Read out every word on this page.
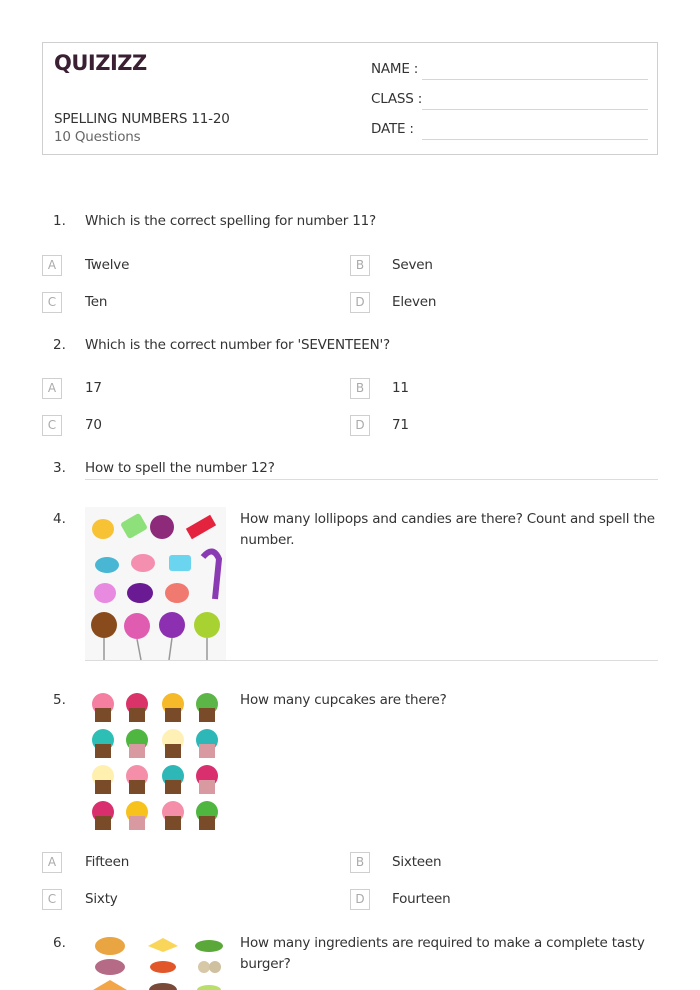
QUIZIZZ
SPELLING NUMBERS 11-20
10 Questions
NAME :
CLASS :
DATE :
1. Which is the correct spelling for number 11?
A	Twelve	B	Seven
C	Ten	D	Eleven
2. Which is the correct number for 'SEVENTEEN'?
A	17	B	11
C	70	D	71
3. How to spell the number 12?
4.	How many lollipops and candies are there? Count and spell the number.
5.	How many cupcakes are there?
A	Fifteen	B	Sixteen
C	Sixty	D	Fourteen
6.	How many ingredients are required to make a complete tasty burger?
